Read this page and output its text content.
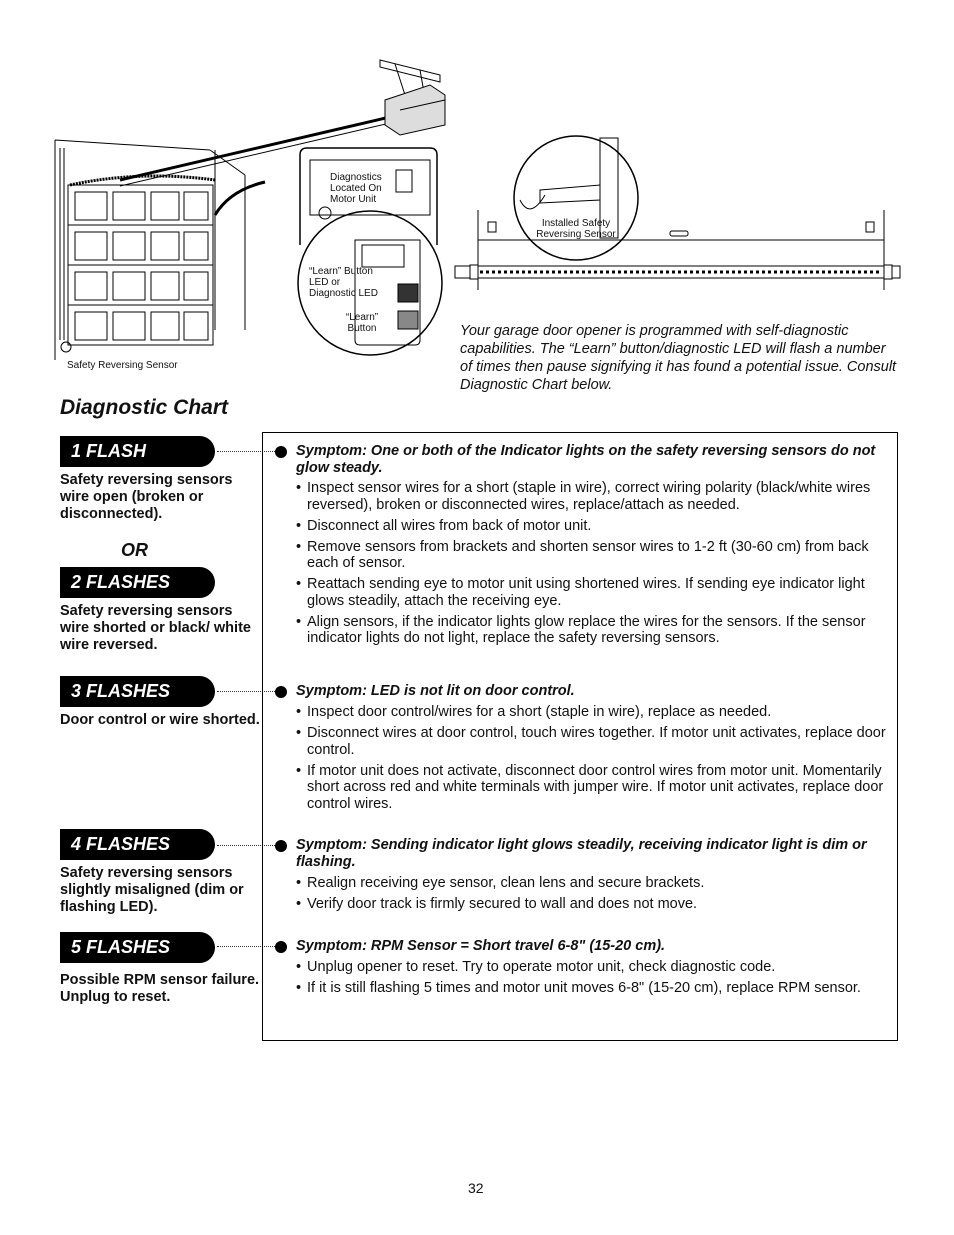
Safety Reversing Sensor
Diagnostics Located On Motor Unit
“Learn” Button LED or Diagnostic LED
“Learn” Button
Installed Safety Reversing Sensor
Your garage door opener is programmed with self-diagnostic capabilities. The “Learn” button/diagnostic LED will flash a number of times then pause signifying it has found a potential issue. Consult Diagnostic Chart below.
Diagnostic Chart
1 FLASH
Safety reversing sensors wire open (broken or disconnected).
OR
2 FLASHES
Safety reversing sensors wire shorted or black/ white wire reversed.
3 FLASHES
Door control or wire shorted.
4 FLASHES
Safety reversing sensors slightly misaligned (dim or flashing LED).
5 FLASHES
Possible RPM sensor failure. Unplug to reset.
Symptom: One or both of the Indicator lights on the safety reversing sensors do not glow steady.
• Inspect sensor wires for a short (staple in wire), correct wiring polarity (black/white wires reversed), broken or disconnected wires, replace/attach as needed.
• Disconnect all wires from back of motor unit.
• Remove sensors from brackets and shorten sensor wires to 1-2 ft (30-60 cm) from back each of sensor.
• Reattach sending eye to motor unit using shortened wires. If sending eye indicator light glows steadily, attach the receiving eye.
• Align sensors, if the indicator lights glow replace the wires for the sensors. If the sensor indicator lights do not light, replace the safety reversing sensors.
Symptom: LED is not lit on door control.
• Inspect door control/wires for a short (staple in wire), replace as needed.
• Disconnect wires at door control, touch wires together. If motor unit activates, replace door control.
• If motor unit does not activate, disconnect door control wires from motor unit. Momentarily short across red and white terminals with jumper wire. If motor unit activates, replace door control wires.
Symptom: Sending indicator light glows steadily, receiving indicator light is dim or flashing.
• Realign receiving eye sensor, clean lens and secure brackets.
• Verify door track is firmly secured to wall and does not move.
Symptom: RPM Sensor = Short travel 6-8" (15-20 cm).
• Unplug opener to reset. Try to operate motor unit, check diagnostic code.
• If it is still flashing 5 times and motor unit moves 6-8" (15-20 cm), replace RPM sensor.
32
